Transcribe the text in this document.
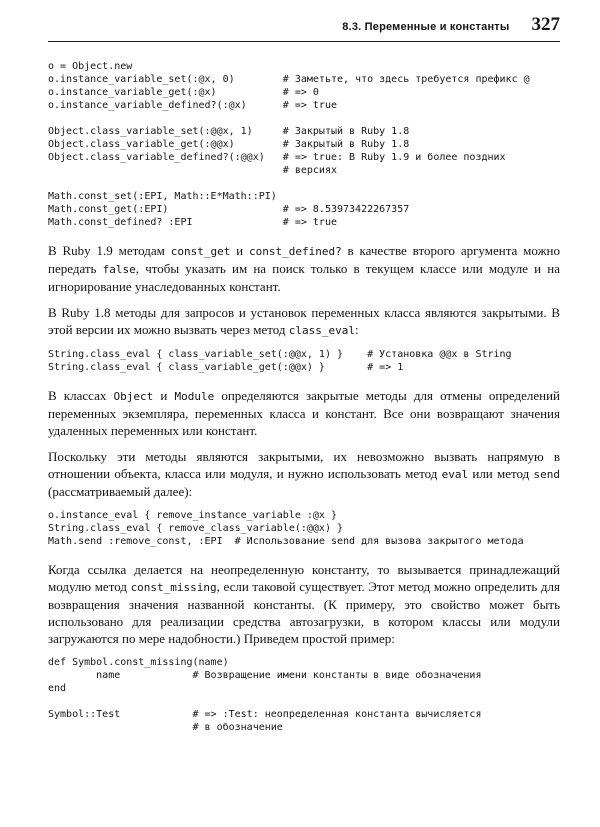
8.3. Переменные и константы 327
o = Object.new
o.instance_variable_set(:@x, 0)        # Заметьте, что здесь требуется префикс @
o.instance_variable_get(:@x)           # => 0
o.instance_variable_defined?(:@x)      # => true
Object.class_variable_set(:@@x, 1)     # Закрытый в Ruby 1.8
Object.class_variable_get(:@@x)        # Закрытый в Ruby 1.8
Object.class_variable_defined?(:@@x)   # => true: В Ruby 1.9 и более поздних
# версиях
Math.const_set(:EPI, Math::E*Math::PI)
Math.const_get(:EPI)                   # => 8.53973422267357
Math.const_defined? :EPI               # => true

В Ruby 1.9 методам const_get и const_defined? в качестве второго аргумента можно передать false, чтобы указать им на поиск только в текущем классе или модуле и на игнорирование унаследованных констант.

В Ruby 1.8 методы для запросов и установок переменных класса являются закрытыми. В этой версии их можно вызвать через метод class_eval:

String.class_eval { class_variable_set(:@@x, 1) }    # Установка @@x в String
String.class_eval { class_variable_get(:@@x) }       # => 1

В классах Object и Module определяются закрытые методы для отмены определений переменных экземпляра, переменных класса и констант. Все они возвращают значения удаленных переменных или констант.

Поскольку эти методы являются закрытыми, их невозможно вызвать напрямую в отношении объекта, класса или модуля, и нужно использовать метод eval или метод send (рассматриваемый далее):

o.instance_eval { remove_instance_variable :@x }
String.class_eval { remove_class_variable(:@@x) }
Math.send :remove_const, :EPI  # Использование send для вызова закрытого метода

Когда ссылка делается на неопределенную константу, то вызывается принадлежащий модулю метод const_missing, если таковой существует. Этот метод можно определить для возвращения значения названной константы. (К примеру, это свойство может быть использовано для реализации средства автозагрузки, в котором классы или модули загружаются по мере надобности.) Приведем простой пример:

def Symbol.const_missing(name)
name            # Возвращение имени константы в виде обозначения
end
Symbol::Test            # => :Test: неопределенная константа вычисляется
# в обозначение
